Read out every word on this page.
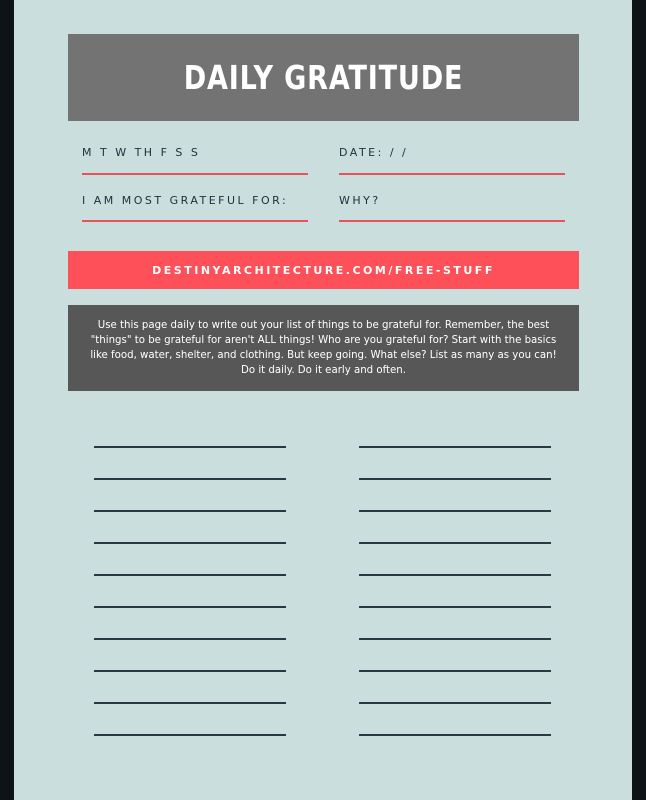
DAILY GRATITUDE
M T W TH F S S	DATE: / /
I AM MOST GRATEFUL FOR:	WHY?
DESTINYARCHITECTURE.COM/FREE-STUFF
Use this page daily to write out your list of things to be grateful for. Remember, the best "things" to be grateful for aren't ALL things! Who are you grateful for? Start with the basics like food, water, shelter, and clothing. But keep going. What else? List as many as you can! Do it daily. Do it early and often.
